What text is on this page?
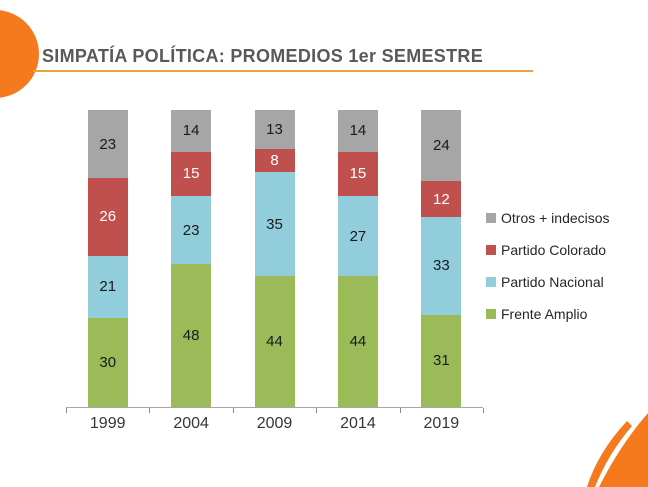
SIMPATÍA POLÍTICA: PROMEDIOS 1er SEMESTRE
30
21
26
23
48
23
15
14
44
35
8
13
44
27
15
14
31
33
12
24
1999	2004	2009	2014	2019
Otros + indecisos
Partido Colorado
Partido Nacional
Frente Amplio
